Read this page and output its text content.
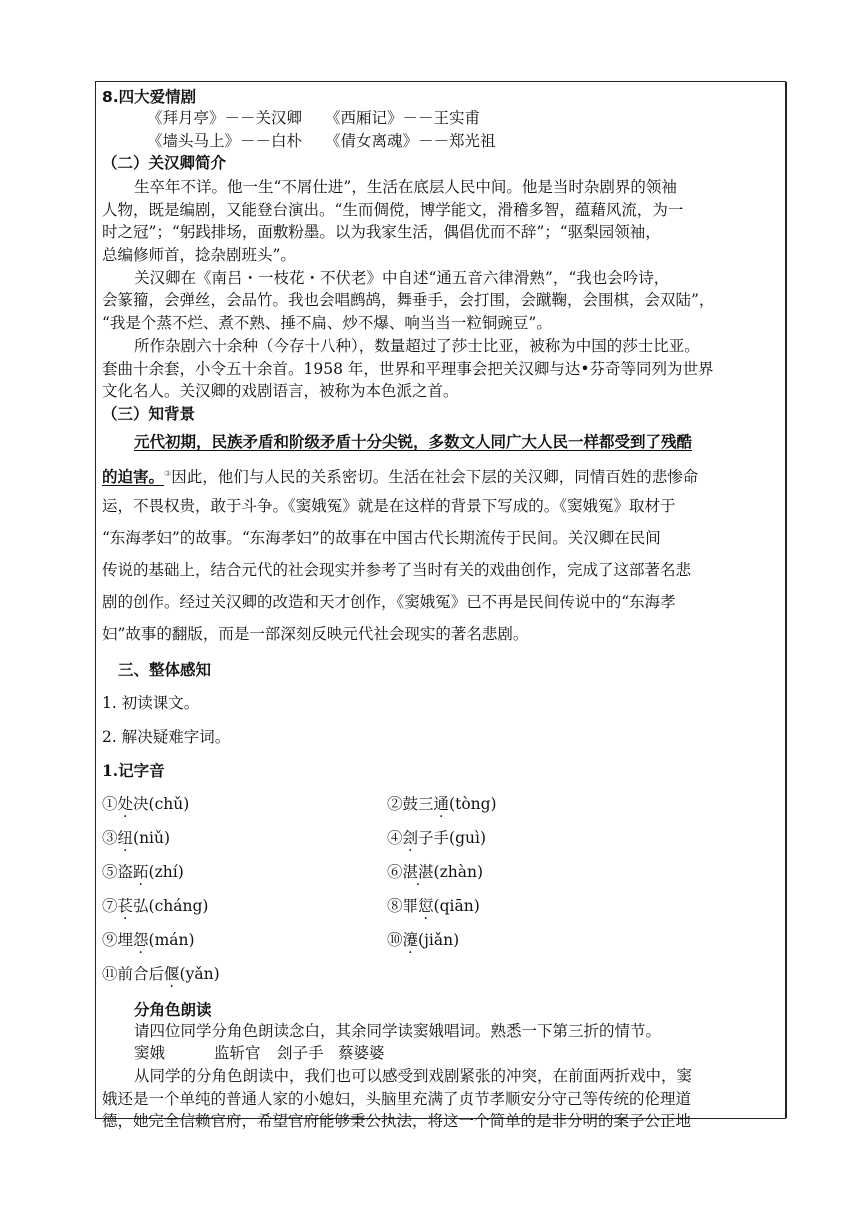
8.四大爱情剧
《拜月亭》－－关汉卿 《西厢记》－－王实甫
《墙头马上》－－白朴 《倩女离魂》－－郑光祖
（二）关汉卿简介
生卒年不详。他一生“不屑仕进”，生活在底层人民中间。他是当时杂剧界的领袖
人物，既是编剧，又能登台演出。“生而倜傥，博学能文，滑稽多智，蕴藉风流，为一
时之冠”；“躬践排场，面敷粉墨。以为我家生活，偶倡优而不辞”；“驱梨园领袖，
总编修师首，捻杂剧班头”。
关汉卿在《南吕・一枝花・不伏老》中自述“通五音六律滑熟”，“我也会吟诗，
会篆籀，会弹丝，会品竹。我也会唱鹧鸪，舞垂手，会打围，会蹴鞠，会围棋，会双陆”，
“我是个蒸不烂、煮不熟、捶不扁、炒不爆、响当当一粒铜豌豆”。
所作杂剧六十余种（今存十八种），数量超过了莎士比亚，被称为中国的莎士比亚。
套曲十余套，小令五十余首。1958 年，世界和平理事会把关汉卿与达•芬奇等同列为世界
文化名人。关汉卿的戏剧语言，被称为本色派之首。
（三）知背景
元代初期，民族矛盾和阶级矛盾十分尖锐，多数文人同广大人民一样都受到了残酷
的迫害。③因此，他们与人民的关系密切。生活在社会下层的关汉卿，同情百姓的悲惨命
运，不畏权贵，敢于斗争。《窦娥冤》就是在这样的背景下写成的。《窦娥冤》取材于
“东海孝妇”的故事。“东海孝妇”的故事在中国古代长期流传于民间。关汉卿在民间
传说的基础上，结合元代的社会现实并参考了当时有关的戏曲创作，完成了这部著名悲
剧的创作。经过关汉卿的改造和天才创作，《窦娥冤》已不再是民间传说中的“东海孝
妇”故事的翻版，而是一部深刻反映元代社会现实的著名悲剧。
三、整体感知
1. 初读课文。
2. 解决疑难字词。
1.记字音
①处决(chǔ)	②鼓三通(tòng)
③纽(niǔ)	④刽子手(guì)
⑤盗跖(zhí)	⑥湛湛(zhàn)
⑦苌弘(cháng)	⑧罪愆(qiān)
⑨埋怨(mán)	⑩瀽(jiǎn)
⑪前合后偃(yǎn)
分角色朗读
请四位同学分角色朗读念白，其余同学读窦娥唱词。熟悉一下第三折的情节。
窦娥	监斩官 刽子手 蔡婆婆
从同学的分角色朗读中，我们也可以感受到戏剧紧张的冲突，在前面两折戏中，窦
娥还是一个单纯的普通人家的小媳妇，头脑里充满了贞节孝顺安分守己等传统的伦理道
德，她完全信赖官府，希望官府能够秉公执法，将这一个简单的是非分明的案子公正地
